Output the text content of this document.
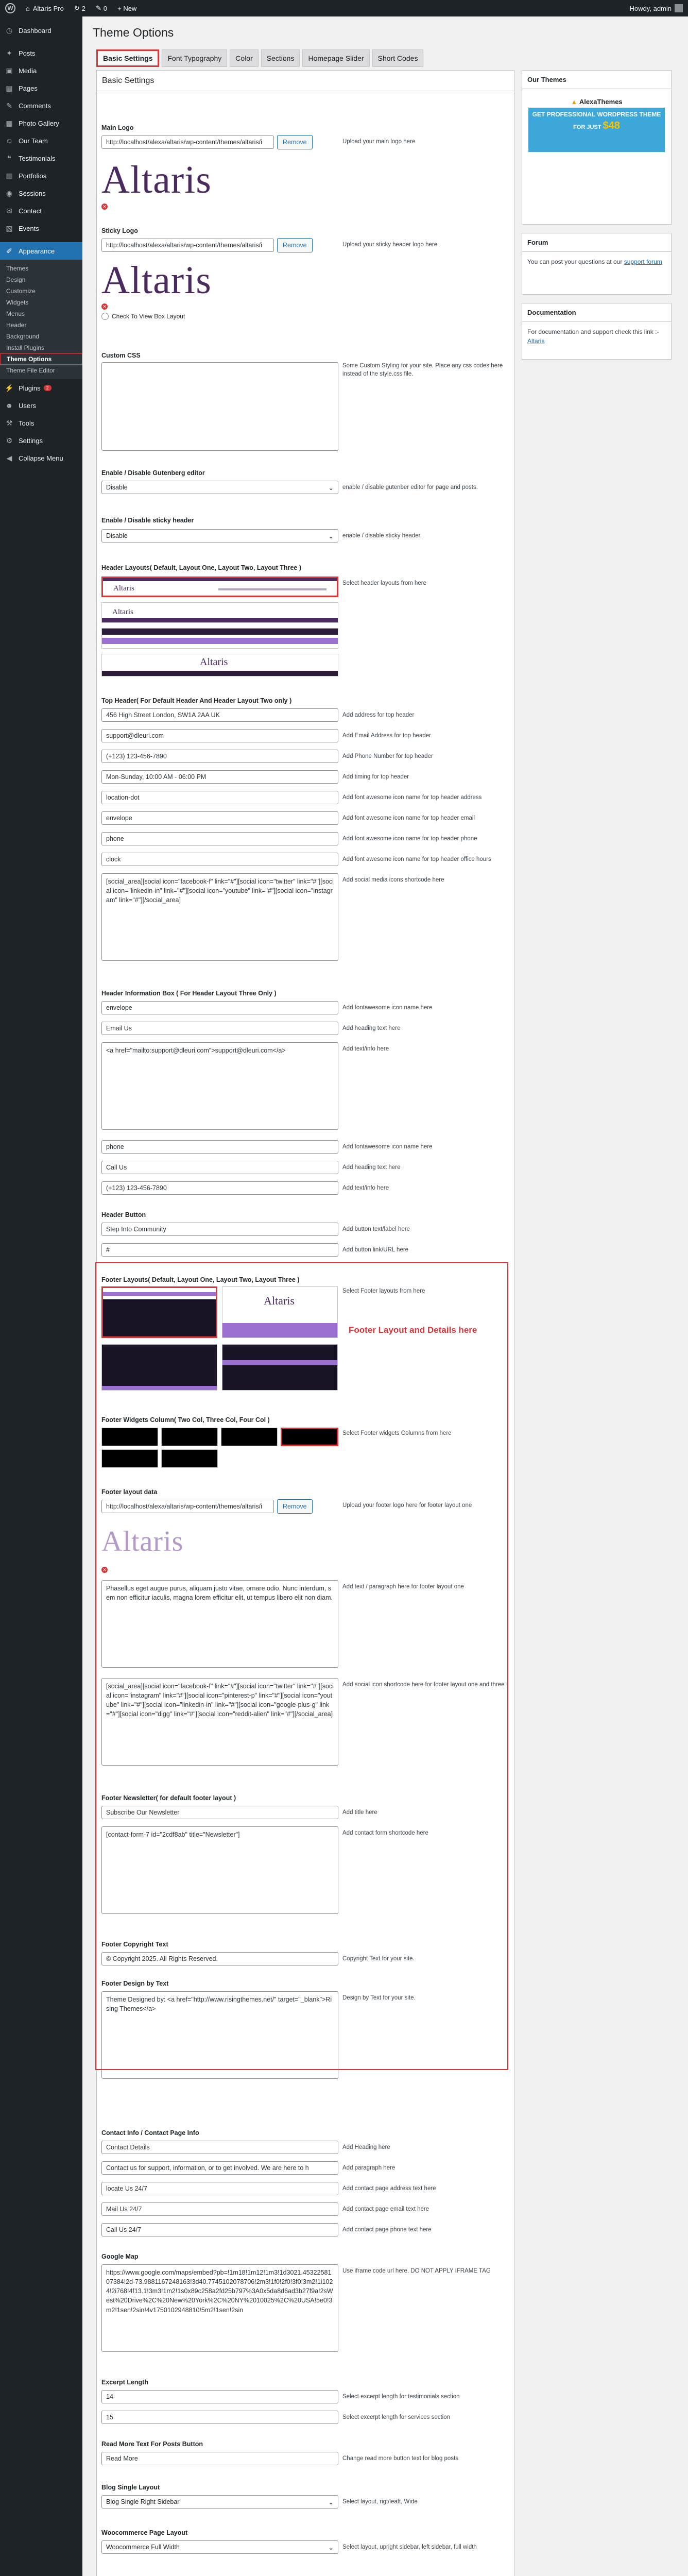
W	⌂ Altaris Pro ↻ 2 ✎ 0 + New	Howdy, admin
◷ Dashboard
✦ Posts
▣ Media
▤ Pages
✎ Comments
▦ Photo Gallery
☺ Our Team
❝	Testimonials
▥ Portfolios
◉ Sessions
✉ Contact
▧ Events
✐ Appearance
Themes
Design
Customize
Widgets
Menus
Header
Background
Install Plugins
Theme Options
Theme File Editor
⚡ Plugins	2
☻ Users
⚒ Tools
⚙ Settings
◀ Collapse Menu
Theme Options
Basic Settings	Font Typography	Color	Sections	Homepage Slider	Short Codes
Basic Settings
Main Logo
http://localhost/alexa/altaris/wp-content/themes/altaris/i	Remove	Upload your main logo here
Altaris
✕
Sticky Logo
http://localhost/alexa/altaris/wp-content/themes/altaris/i	Remove	Upload your sticky header logo here
Altaris
✕
Check To View Box Layout
Custom CSS
Some Custom Styling for your site. Place any css codes here instead of the style.css file.
Enable / Disable Gutenberg editor
Disable	⌄ enable / disable gutenber editor for page and posts.
Enable / Disable sticky header
Disable	⌄ enable / disable sticky header.
Header Layouts( Default, Layout One, Layout Two, Layout Three )
Select header layouts from here
Altaris
Altaris
Altaris
Top Header( For Default Header And Header Layout Two only )
456 High Street London, SW1A 2AA UK	Add address for top header
support@dleuri.com	Add Email Address for top header
(+123) 123-456-7890	Add Phone Number for top header
Mon-Sunday, 10:00 AM - 06:00 PM	Add timing for top header
location-dot	Add font awesome icon name for top header address
envelope	Add font awesome icon name for top header email
phone	Add font awesome icon name for top header phone
clock	Add font awesome icon name for top header office hours
[social_area][social icon="facebook-f" link="#"][social icon="twitter" link="#"][social icon="linkedin-in" link="#"][social icon="youtube" link="#"][social icon="instagram" link="#"][/social_area]
Add social media icons shortcode here
Header Information Box ( For Header Layout Three Only )
envelope	Add fontawesome icon name here
Email Us	Add heading text here
<a href="mailto:support@dleuri.com">support@dleuri.com</a>	Add text/info here
phone	Add fontawesome icon name here
Call Us	Add heading text here
(+123) 123-456-7890	Add text/info here
Header Button
Step Into Community	Add button text/label here
#	Add button link/URL here
Footer Layouts( Default, Layout One, Layout Two, Layout Three )
Select Footer layouts from here
Altaris
Footer Widgets Column( Two Col, Three Col, Four Col )
Select Footer widgets Columns from here
Footer layout data
http://localhost/alexa/altaris/wp-content/themes/altaris/i	Remove	Upload your footer logo here for footer layout one
Altaris
✕
Phasellus eget augue purus, aliquam justo vitae, ornare odio. Nunc interdum, sem non efficitur iaculis, magna lorem efficitur elit, ut tempus libero elit non diam.
Add text / paragraph here for footer layout one
[social_area][social icon="facebook-f" link="#"][social icon="twitter" link="#"][social icon="instagram" link="#"][social icon="pinterest-p" link="#"][social icon="youtube" link="#"][social icon="linkedin-in" link="#"][social icon="google-plus-g" link="#"][social icon="digg" link="#"][social icon="reddit-alien" link="#"][/social_area]
Add social icon shortcode here for footer layout one and three
Footer Newsletter( for default footer layout )
Subscribe Our Newsletter	Add title here
[contact-form-7 id="2cdf8ab" title="Newsletter"]	Add contact form shortcode here
Footer Copyright Text
© Copyright 2025. All Rights Reserved.	Copyright Text for your site.
Footer Design by Text
Theme Designed by: <a href="http://www.risingthemes.net/" target="_blank">Rising Themes</a>
Design by Text for your site.
Contact Info / Contact Page Info
Contact Details	Add Heading here
Contact us for support, information, or to get involved. We are here to h	Add paragraph here
locate Us 24/7	Add contact page address text here
Mail Us 24/7	Add contact page email text here
Call Us 24/7	Add contact page phone text here
Google Map
https://www.google.com/maps/embed?pb=!1m18!1m12!1m3!1d3021.4532258107384!2d-73.9881167248163!3d40.7745102078706!2m3!1f0!2f0!3f0!3m2!1i1024!2i768!4f13.1!3m3!1m2!1s0x89c258a2fd25b797%3A0x5da8d6ad3b27f9a!2sWest%20Drive%2C%20New%20York%2C%20NY%2010025%2C%20USA!5e0!3m2!1sen!2sin!4v1750102948810!5m2!1sen!2sin
Use iframe code url here. DO NOT APPLY IFRAME TAG
Excerpt Length
14	Select excerpt length for testimonials section
15	Select excerpt length for services section
Read More Text For Posts Button
Read More	Change read more button text for blog posts
Blog Single Layout
Blog Single Right Sidebar	⌄ Select layout, rigt/leaft, Wide
Woocommerce Page Layout
Woocommerce Full Width	⌄ Select layout, upright sidebar, left sidebar, full width
Footer Layout and Details here
Our Themes
▲
AlexaThemes
GET PROFESSIONAL WORDPRESS THEME
FOR JUST $48
Forum
You can post your questions at our support forum
Documentation
For documentation and support check this link :- Altaris
